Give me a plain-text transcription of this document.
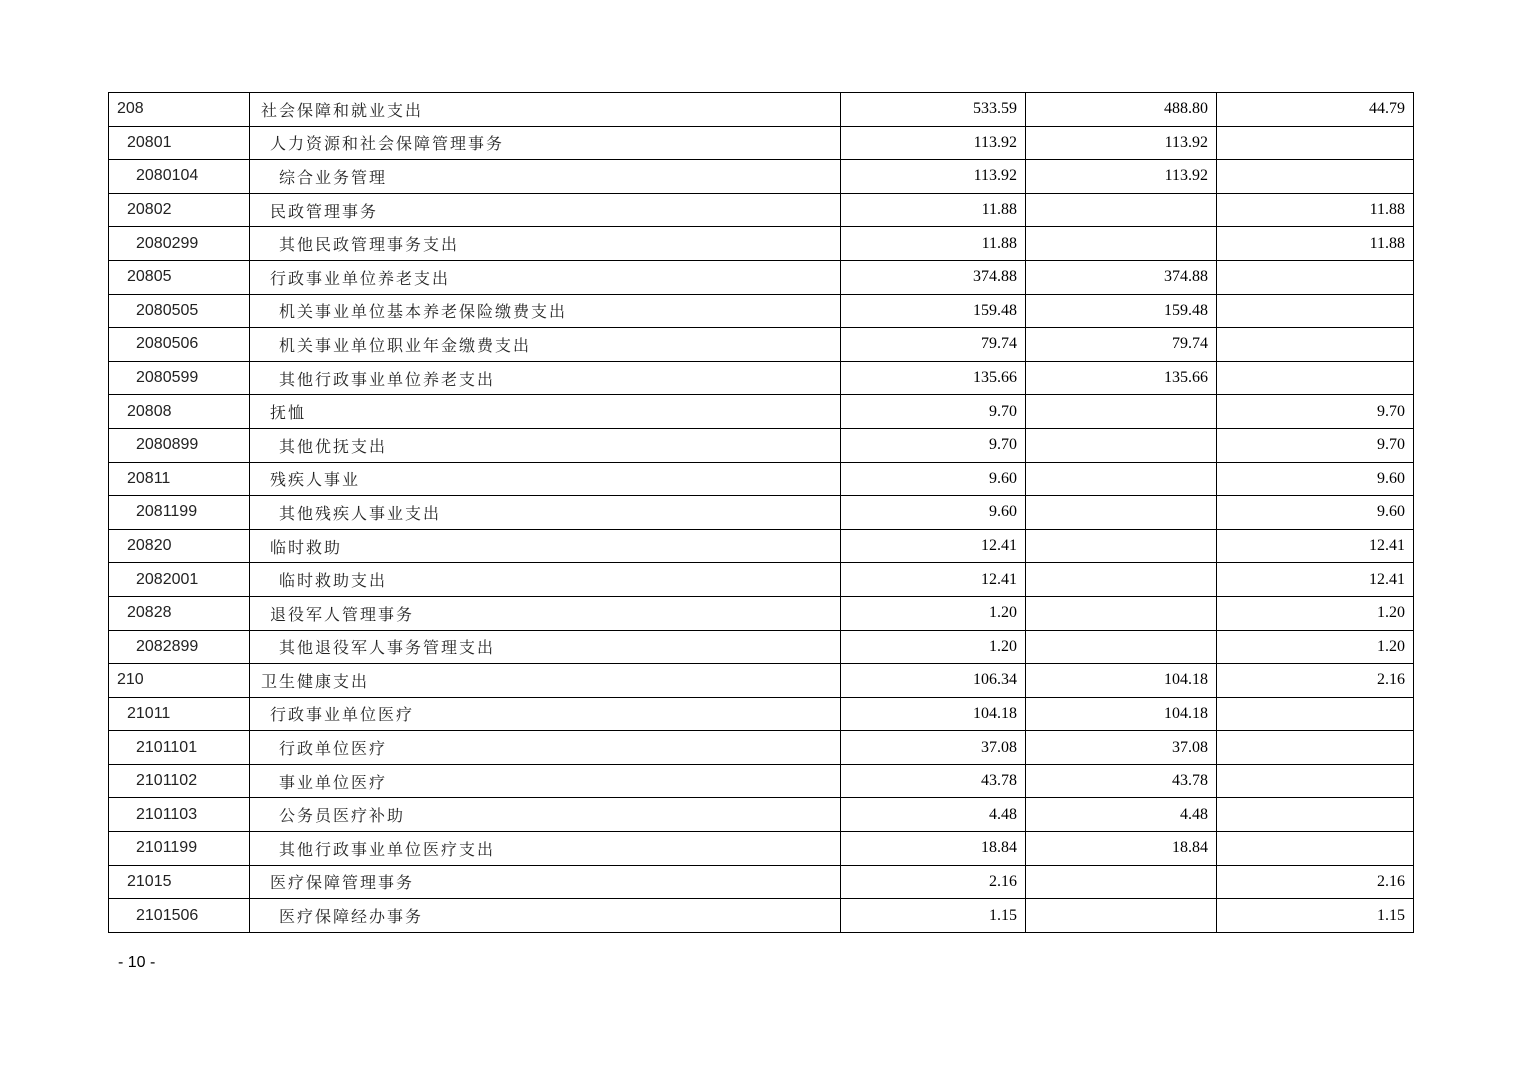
208	社会保障和就业支出	533.59	488.80	44.79
20801	人力资源和社会保障管理事务	113.92	113.92	
2080104	综合业务管理	113.92	113.92	
20802	民政管理事务	11.88		11.88
2080299	其他民政管理事务支出	11.88		11.88
20805	行政事业单位养老支出	374.88	374.88	
2080505	机关事业单位基本养老保险缴费支出	159.48	159.48	
2080506	机关事业单位职业年金缴费支出	79.74	79.74	
2080599	其他行政事业单位养老支出	135.66	135.66	
20808	抚恤	9.70		9.70
2080899	其他优抚支出	9.70		9.70
20811	残疾人事业	9.60		9.60
2081199	其他残疾人事业支出	9.60		9.60
20820	临时救助	12.41		12.41
2082001	临时救助支出	12.41		12.41
20828	退役军人管理事务	1.20		1.20
2082899	其他退役军人事务管理支出	1.20		1.20
210	卫生健康支出	106.34	104.18	2.16
21011	行政事业单位医疗	104.18	104.18	
2101101	行政单位医疗	37.08	37.08	
2101102	事业单位医疗	43.78	43.78	
2101103	公务员医疗补助	4.48	4.48	
2101199	其他行政事业单位医疗支出	18.84	18.84	
21015	医疗保障管理事务	2.16		2.16
2101506	医疗保障经办事务	1.15		1.15
- 10 -
